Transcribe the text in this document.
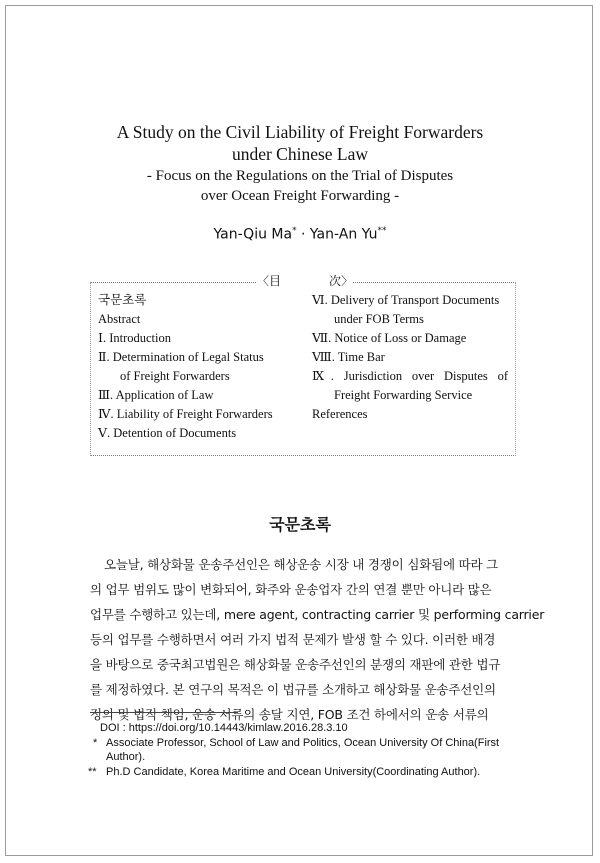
A Study on the Civil Liability of Freight Forwarders
under Chinese Law
- Focus on the Regulations on the Trial of Disputes
over Ocean Freight Forwarding -
Yan-Qiu Ma* · Yan-An Yu**
〈目	次〉
국문초록
Abstract
Ⅰ. Introduction
Ⅱ. Determination of Legal Status
of Freight Forwarders
Ⅲ. Application of Law
Ⅳ. Liability of Freight Forwarders
Ⅴ. Detention of Documents
Ⅵ. Delivery of Transport Documents
under FOB Terms
Ⅶ. Notice of Loss or Damage
Ⅷ. Time Bar
Ⅸ. Jurisdiction over Disputes of
Freight Forwarding Service
References
국문초록
오늘날, 해상화물 운송주선인은 해상운송 시장 내 경쟁이 심화됨에 따라 그
의 업무 범위도 많이 변화되어, 화주와 운송업자 간의 연결 뿐만 아니라 많은
업무를 수행하고 있는데, mere agent, contracting carrier 및 performing carrier
등의 업무를 수행하면서 여러 가지 법적 문제가 발생 할 수 있다. 이러한 배경
을 바탕으로 중국최고법원은 해상화물 운송주선인의 분쟁의 재판에 관한 법규
를 제정하였다. 본 연구의 목적은 이 법규를 소개하고 해상화물 운송주선인의
정의 및 법적 책임, 운송 서류의 송달 지연, FOB 조건 하에서의 운송 서류의
DOI : https://doi.org/10.14443/kimlaw.2016.28.3.10
* Associate Professor, School of Law and Politics, Ocean University Of China(First
Author).
** Ph.D Candidate, Korea Maritime and Ocean University(Coordinating Author).
